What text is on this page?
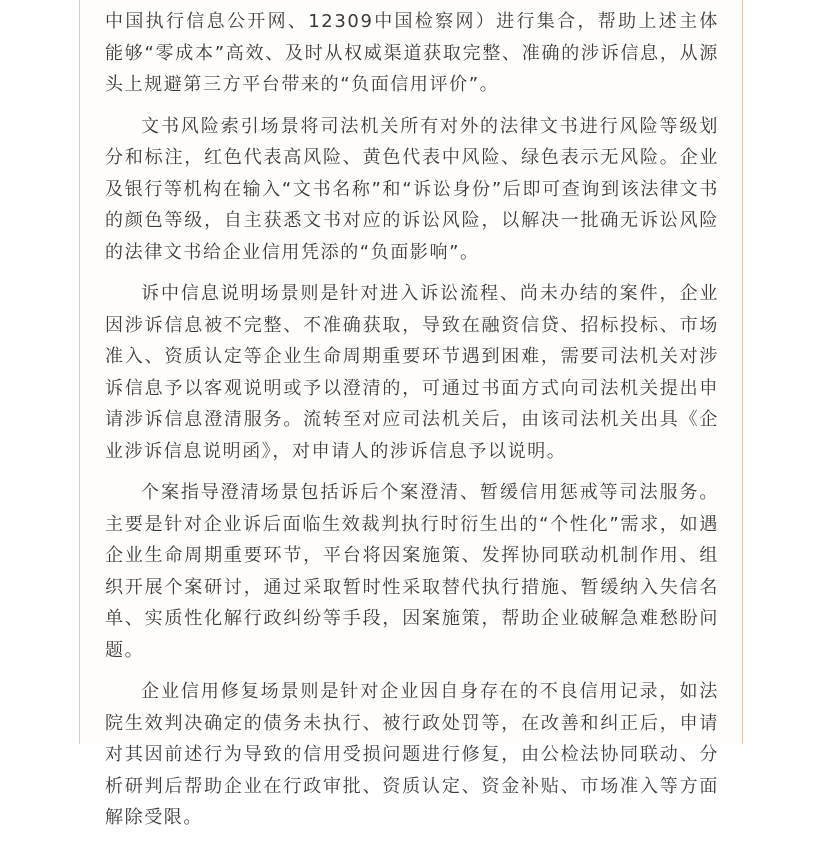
中国执行信息公开网、12309中国检察网）进行集合，帮助上述主体能够“零成本”高效、及时从权威渠道获取完整、准确的涉诉信息，从源头上规避第三方平台带来的“负面信用评价”。

文书风险索引场景将司法机关所有对外的法律文书进行风险等级划分和标注，红色代表高风险、黄色代表中风险、绿色表示无风险。企业及银行等机构在输入“文书名称”和“诉讼身份”后即可查询到该法律文书的颜色等级，自主获悉文书对应的诉讼风险，以解决一批确无诉讼风险的法律文书给企业信用凭添的“负面影响”。

诉中信息说明场景则是针对进入诉讼流程、尚未办结的案件，企业因涉诉信息被不完整、不准确获取，导致在融资信贷、招标投标、市场准入、资质认定等企业生命周期重要环节遇到困难，需要司法机关对涉诉信息予以客观说明或予以澄清的，可通过书面方式向司法机关提出申请涉诉信息澄清服务。流转至对应司法机关后，由该司法机关出具《企业涉诉信息说明函》，对申请人的涉诉信息予以说明。

个案指导澄清场景包括诉后个案澄清、暂缓信用惩戒等司法服务。主要是针对企业诉后面临生效裁判执行时衍生出的“个性化”需求，如遇企业生命周期重要环节，平台将因案施策、发挥协同联动机制作用、组织开展个案研讨，通过采取暂时性采取替代执行措施、暂缓纳入失信名单、实质性化解行政纠纷等手段，因案施策，帮助企业破解急难愁盼问题。

企业信用修复场景则是针对企业因自身存在的不良信用记录，如法院生效判决确定的债务未执行、被行政处罚等，在改善和纠正后，申请对其因前述行为导致的信用受损问题进行修复，由公检法协同联动、分析研判后帮助企业在行政审批、资质认定、资金补贴、市场准入等方面解除受限。
